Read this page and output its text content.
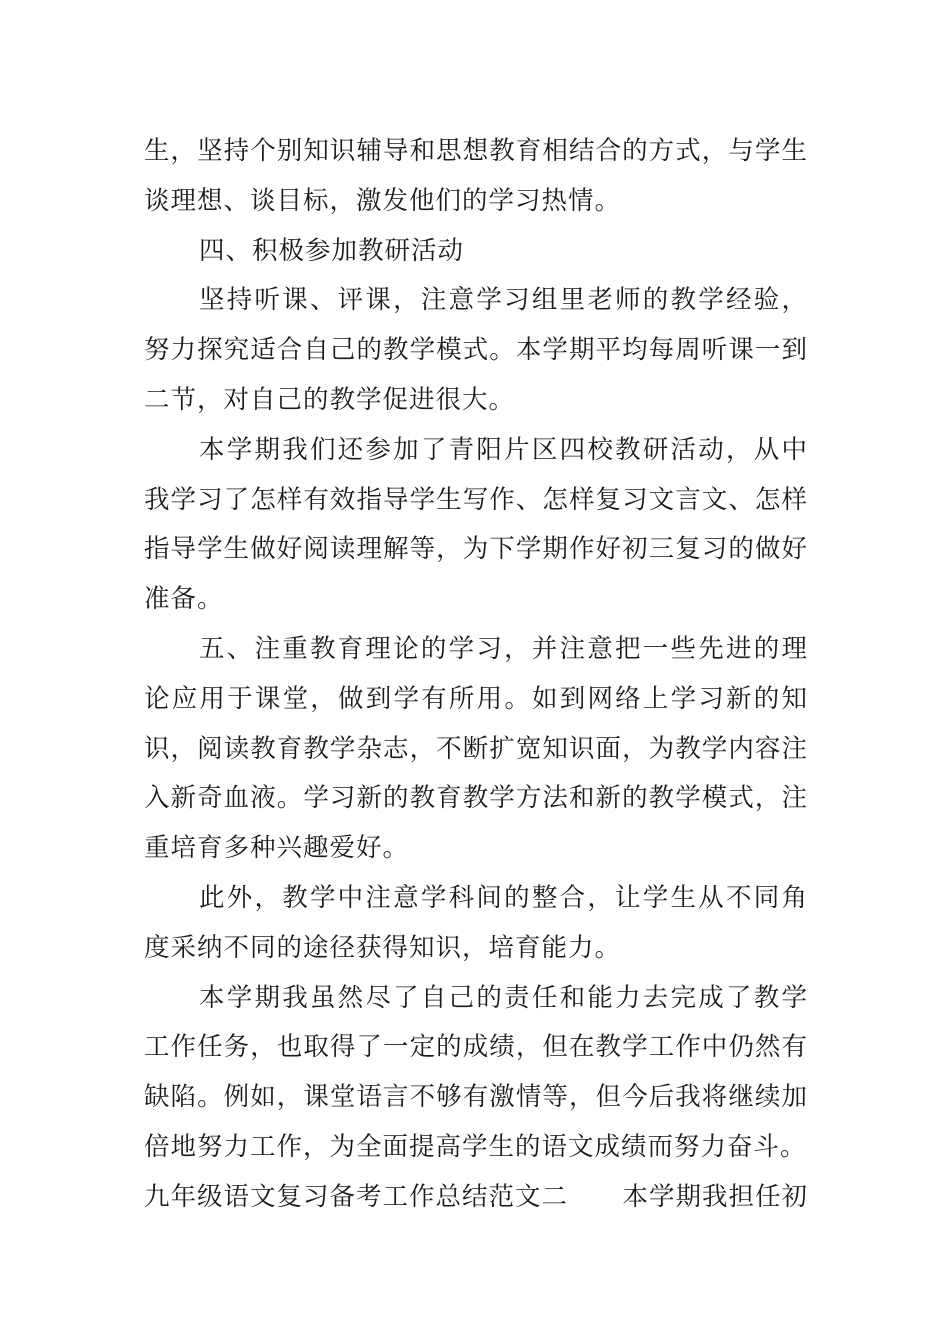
生，坚持个别知识辅导和思想教育相结合的方式，与学生谈理想、谈目标，激发他们的学习热情。

四、积极参加教研活动

坚持听课、评课，注意学习组里老师的教学经验，努力探究适合自己的教学模式。本学期平均每周听课一到二节，对自己的教学促进很大。

本学期我们还参加了青阳片区四校教研活动，从中我学习了怎样有效指导学生写作、怎样复习文言文、怎样指导学生做好阅读理解等，为下学期作好初三复习的做好准备。

五、注重教育理论的学习，并注意把一些先进的理论应用于课堂，做到学有所用。如到网络上学习新的知识，阅读教育教学杂志，不断扩宽知识面，为教学内容注入新奇血液。学习新的教育教学方法和新的教学模式，注重培育多种兴趣爱好。

此外，教学中注意学科间的整合，让学生从不同角度采纳不同的途径获得知识，培育能力。

本学期我虽然尽了自己的责任和能力去完成了教学工作任务，也取得了一定的成绩，但在教学工作中仍然有缺陷。例如，课堂语言不够有激情等，但今后我将继续加倍地努力工作，为全面提高学生的语文成绩而努力奋斗。

九年级语文复习备考工作总结范文二 本学期我担任初
